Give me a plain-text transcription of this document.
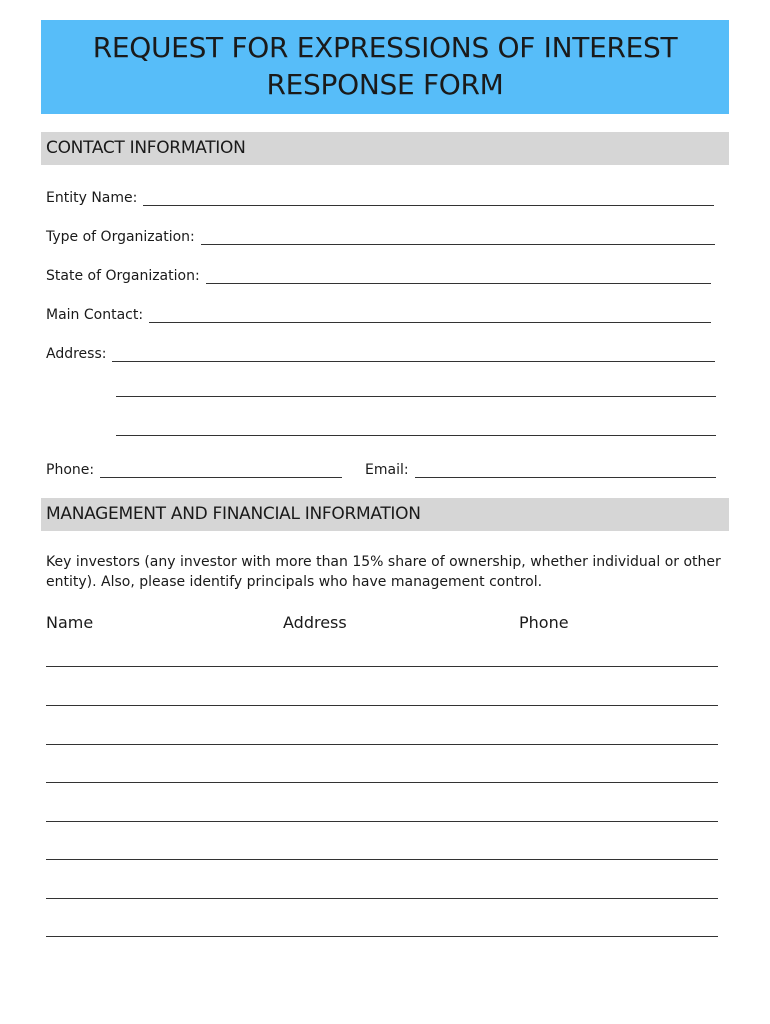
REQUEST FOR EXPRESSIONS OF INTEREST
RESPONSE FORM
CONTACT INFORMATION
Entity Name:
Type of Organization:
State of Organization:
Main Contact:
Address:
Phone:	Email:
MANAGEMENT AND FINANCIAL INFORMATION
Key investors (any investor with more than 15% share of ownership, whether individual or other entity). Also, please identify principals who have management control.
Name	Address	Phone
